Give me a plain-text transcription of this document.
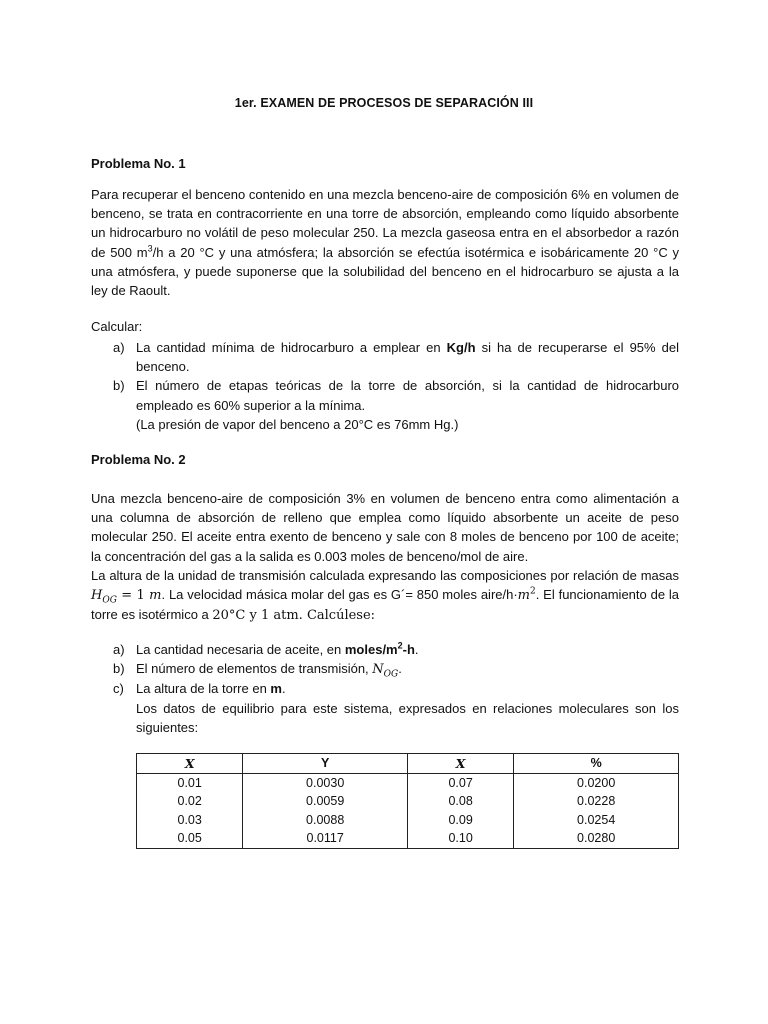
1er. EXAMEN DE PROCESOS DE SEPARACIÓN III
Problema No. 1
Para recuperar el benceno contenido en una mezcla benceno-aire de composición 6% en volumen de benceno, se trata en contracorriente en una torre de absorción, empleando como líquido absorbente un hidrocarburo no volátil de peso molecular 250. La mezcla gaseosa entra en el absorbedor a razón de 500 $m^3/h$ a 20 °C y una atmósfera; la absorción se efectúa isotérmica e isobáricamente 20 °C y una atmósfera, y puede suponerse que la solubilidad del benceno en el hidrocarburo se ajusta a la ley de Raoult.
Calcular:
a) La cantidad mínima de hidrocarburo a emplear en Kg/h si ha de recuperarse el 95% del benceno.
b) El número de etapas teóricas de la torre de absorción, si la cantidad de hidrocarburo empleado es 60% superior a la mínima.
(La presión de vapor del benceno a 20°C es 76mm Hg.)
Problema No. 2
Una mezcla benceno-aire de composición 3% en volumen de benceno entra como alimentación a una columna de absorción de relleno que emplea como líquido absorbente un aceite de peso molecular 250. El aceite entra exento de benceno y sale con 8 moles de benceno por 100 de aceite; la concentración del gas a la salida es 0.003 moles de benceno/mol de aire.
La altura de la unidad de transmisión calculada expresando las composiciones por relación de masas $H_{OG} = 1$ m. La velocidad másica molar del gas es G´= 850 moles aire/$h\cdot m^2$. El funcionamiento de la torre es isotérmico a 20°C y 1 atm. Calcúlese:
a) La cantidad necesaria de aceite, en moles/$m^2-h$.
b) El número de elementos de transmisión, $N_{OG}$.
c) La altura de la torre en m.
Los datos de equilibrio para este sistema, expresados en relaciones moleculares son los siguientes:
X	Y	X	%
0.01	0.0030	0.07	0.0200
0.02	0.0059	0.08	0.0228
0.03	0.0088	0.09	0.0254
0.05	0.0117	0.10	0.0280
